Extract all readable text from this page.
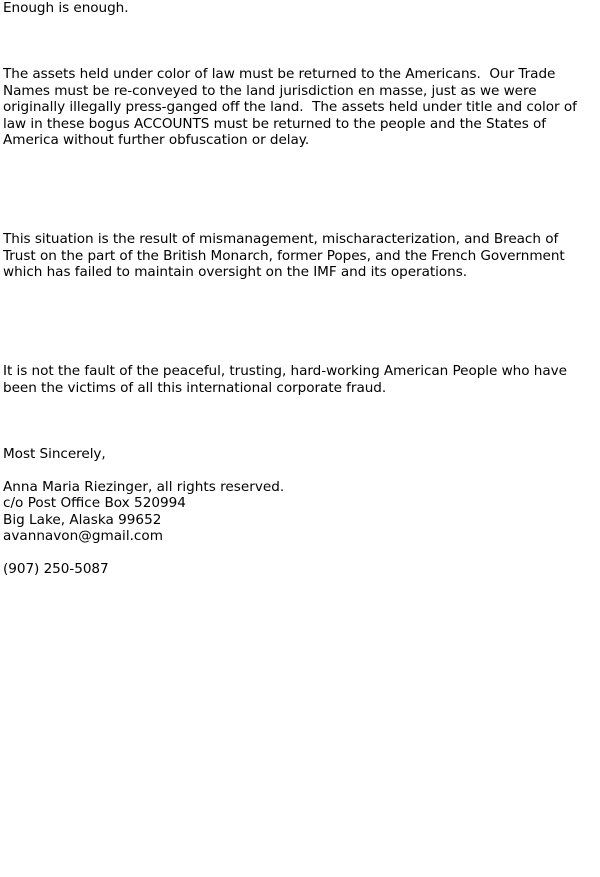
Enough is enough.

The assets held under color of law must be returned to the Americans.  Our Trade
Names must be re-conveyed to the land jurisdiction en masse, just as we were
originally illegally press-ganged off the land.  The assets held under title and color of
law in these bogus ACCOUNTS must be returned to the people and the States of
America without further obfuscation or delay.

This situation is the result of mismanagement, mischaracterization, and Breach of
Trust on the part of the British Monarch, former Popes, and the French Government
which has failed to maintain oversight on the IMF and its operations.

It is not the fault of the peaceful, trusting, hard-working American People who have
been the victims of all this international corporate fraud.

Most Sincerely,

Anna Maria Riezinger, all rights reserved.
c/o Post Office Box 520994
Big Lake, Alaska 99652
avannavon@gmail.com

(907) 250-5087
